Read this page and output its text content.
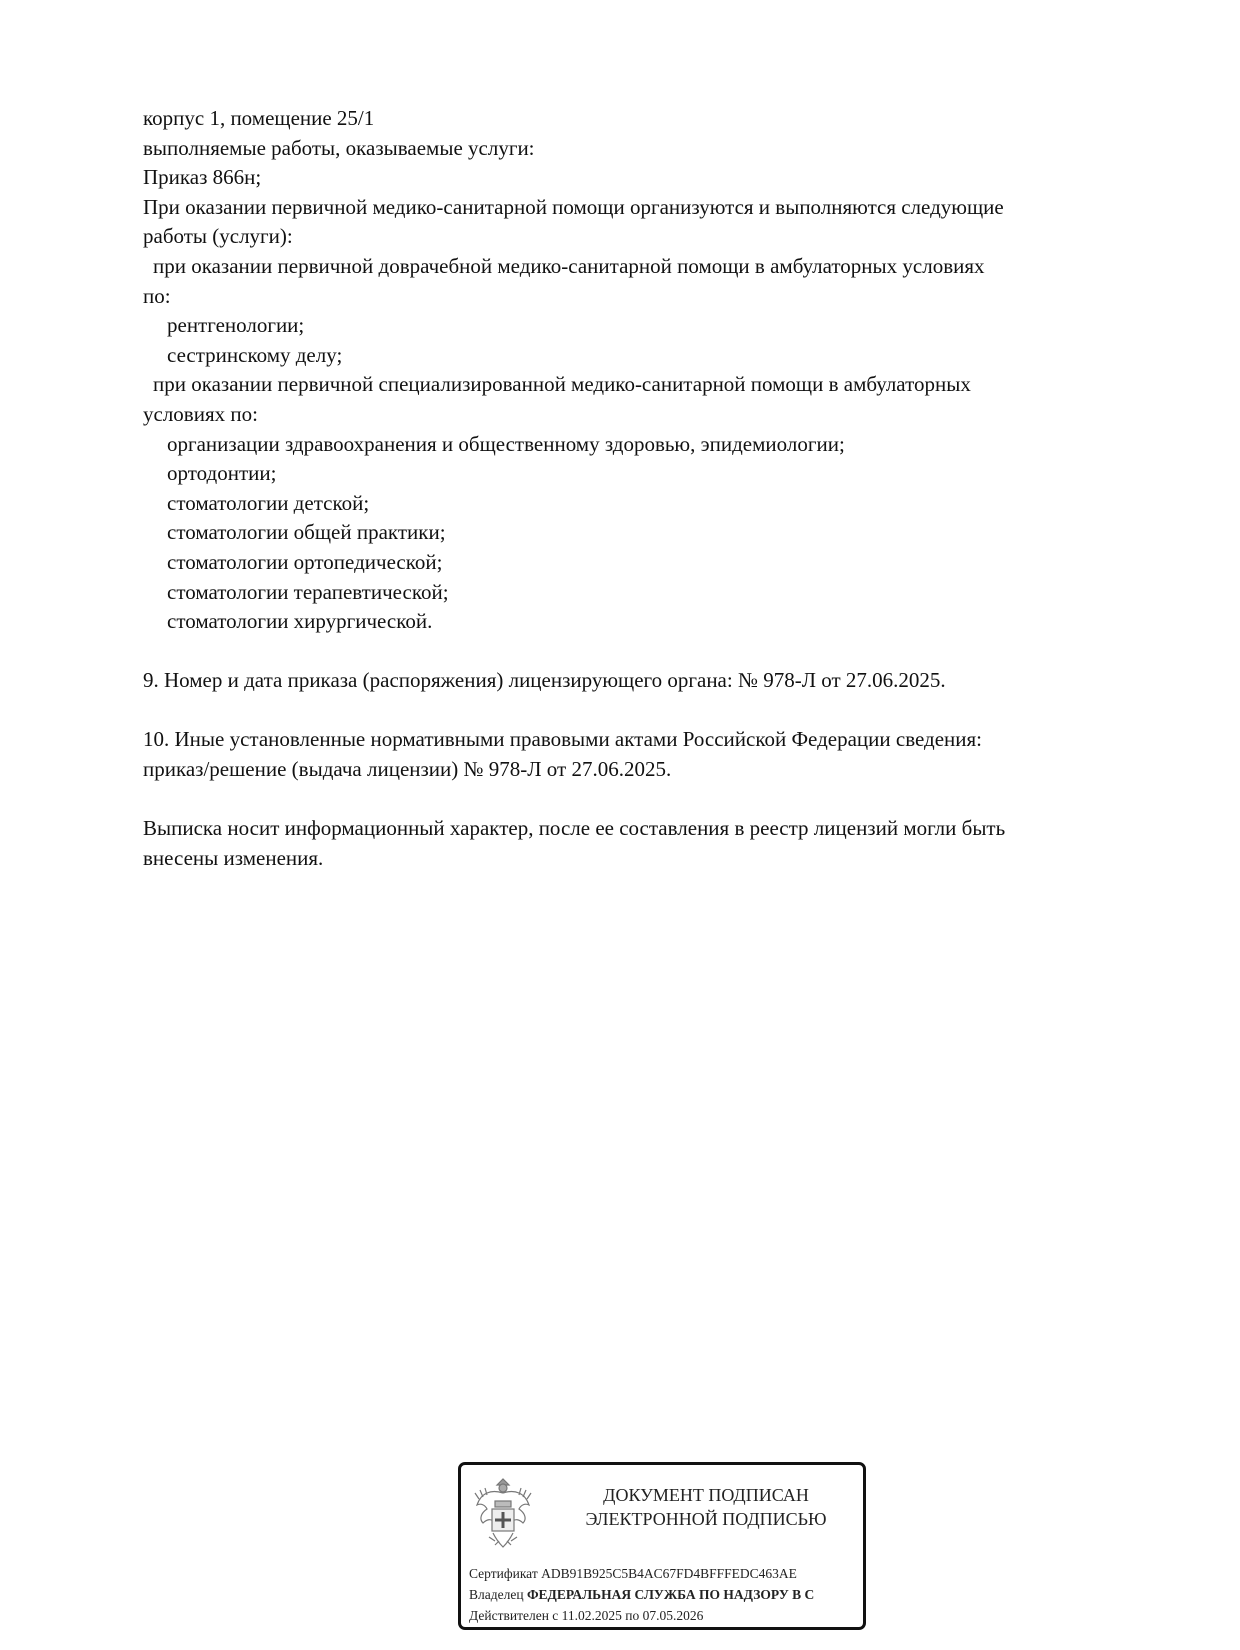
корпус 1, помещение 25/1
выполняемые работы, оказываемые услуги:
Приказ 866н;
При оказании первичной медико-санитарной помощи организуются и выполняются следующие
работы (услуги):
при оказании первичной доврачебной медико-санитарной помощи в амбулаторных условиях
по:
рентгенологии;
сестринскому делу;
при оказании первичной специализированной медико-санитарной помощи в амбулаторных
условиях по:
организации здравоохранения и общественному здоровью, эпидемиологии;
ортодонтии;
стоматологии детской;
стоматологии общей практики;
стоматологии ортопедической;
стоматологии терапевтической;
стоматологии хирургической.
9. Номер и дата приказа (распоряжения) лицензирующего органа: № 978-Л от 27.06.2025.
10. Иные установленные нормативными правовыми актами Российской Федерации сведения:
приказ/решение (выдача лицензии) № 978-Л от 27.06.2025.
Выписка носит информационный характер, после ее составления в реестр лицензий могли быть
внесены изменения.
ДОКУМЕНТ ПОДПИСАН
ЭЛЕКТРОННОЙ ПОДПИСЬЮ
Сертификат ADB91B925C5B4AC67FD4BFFFEDC463AE
Владелец ФЕДЕРАЛЬНАЯ СЛУЖБА ПО НАДЗОРУ В С
Действителен с 11.02.2025 по 07.05.2026
